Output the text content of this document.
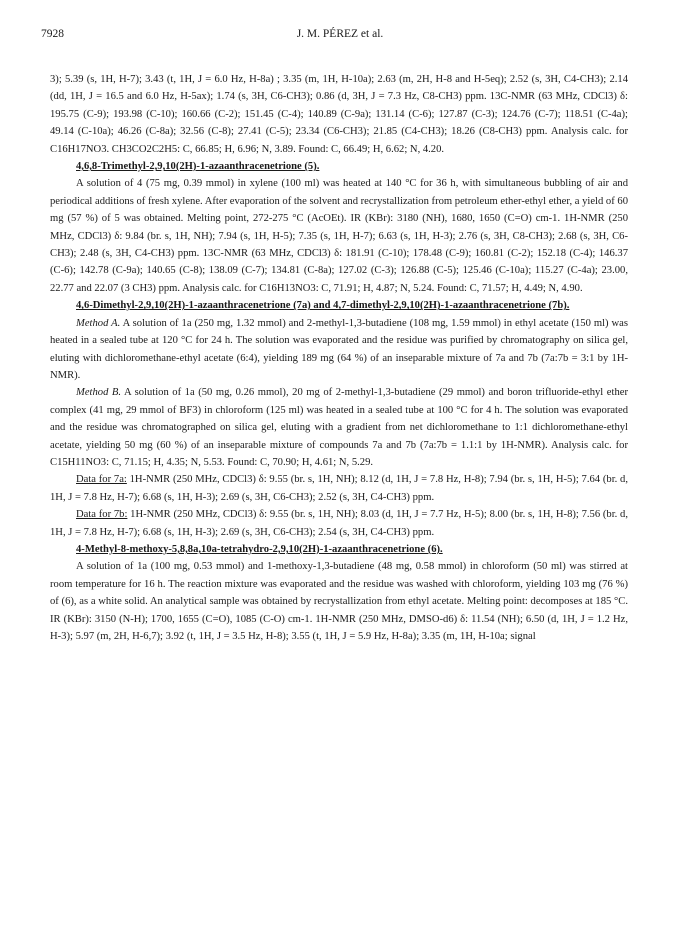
7928	J. M. PÉREZ et al.

3); 5.39 (s, 1H, H-7); 3.43 (t, 1H, J = 6.0 Hz, H-8a) ; 3.35 (m, 1H, H-10a); 2.63 (m, 2H, H-8 and H-5eq); 2.52 (s, 3H, C4-CH3); 2.14 (dd, 1H, J = 16.5 and 6.0 Hz, H-5ax); 1.74 (s, 3H, C6-CH3); 0.86 (d, 3H, J = 7.3 Hz, C8-CH3) ppm. 13C-NMR (63 MHz, CDCl3) δ: 195.75 (C-9); 193.98 (C-10); 160.66 (C-2); 151.45 (C-4); 140.89 (C-9a); 131.14 (C-6); 127.87 (C-3); 124.76 (C-7); 118.51 (C-4a); 49.14 (C-10a); 46.26 (C-8a); 32.56 (C-8); 27.41 (C-5); 23.34 (C6-CH3); 21.85 (C4-CH3); 18.26 (C8-CH3) ppm. Analysis calc. for C16H17NO3. CH3CO2C2H5: C, 66.85; H, 6.96; N, 3.89. Found: C, 66.49; H, 6.62; N, 4.20.

4,6,8-Trimethyl-2,9,10(2H)-1-azaanthracenetrione (5).

A solution of 4 (75 mg, 0.39 mmol) in xylene (100 ml) was heated at 140 °C for 36 h, with simultaneous bubbling of air and periodical additions of fresh xylene. After evaporation of the solvent and recrystallization from petroleum ether-ethyl ether, a yield of 60 mg (57 %) of 5 was obtained. Melting point, 272-275 °C (AcOEt). IR (KBr): 3180 (NH), 1680, 1650 (C=O) cm-1. 1H-NMR (250 MHz, CDCl3) δ: 9.84 (br. s, 1H, NH); 7.94 (s, 1H, H-5); 7.35 (s, 1H, H-7); 6.63 (s, 1H, H-3); 2.76 (s, 3H, C8-CH3); 2.68 (s, 3H, C6-CH3); 2.48 (s, 3H, C4-CH3) ppm. 13C-NMR (63 MHz, CDCl3) δ: 181.91 (C-10); 178.48 (C-9); 160.81 (C-2); 152.18 (C-4); 146.37 (C-6); 142.78 (C-9a); 140.65 (C-8); 138.09 (C-7); 134.81 (C-8a); 127.02 (C-3); 126.88 (C-5); 125.46 (C-10a); 115.27 (C-4a); 23.00, 22.77 and 22.07 (3 CH3) ppm. Analysis calc. for C16H13NO3: C, 71.91; H, 4.87; N, 5.24. Found: C, 71.57; H, 4.49; N, 4.90.

4,6-Dimethyl-2,9,10(2H)-1-azaanthracenetrione (7a) and 4,7-dimethyl-2,9,10(2H)-1-azaanthracenetrione (7b).

Method A. A solution of 1a (250 mg, 1.32 mmol) and 2-methyl-1,3-butadiene (108 mg, 1.59 mmol) in ethyl acetate (150 ml) was heated in a sealed tube at 120 °C for 24 h. The solution was evaporated and the residue was purified by chromatography on silica gel, eluting with dichloromethane-ethyl acetate (6:4), yielding 189 mg (64 %) of an inseparable mixture of 7a and 7b (7a:7b = 3:1 by 1H-NMR).

Method B. A solution of 1a (50 mg, 0.26 mmol), 20 mg of 2-methyl-1,3-butadiene (29 mmol) and boron trifluoride-ethyl ether complex (41 mg, 29 mmol of BF3) in chloroform (125 ml) was heated in a sealed tube at 100 °C for 4 h. The solution was evaporated and the residue was chromatographed on silica gel, eluting with a gradient from net dichloromethane to 1:1 dichloromethane-ethyl acetate, yielding 50 mg (60 %) of an inseparable mixture of compounds 7a and 7b (7a:7b = 1.1:1 by 1H-NMR). Analysis calc. for C15H11NO3: C, 71.15; H, 4.35; N, 5.53. Found: C, 70.90; H, 4.61; N, 5.29.

Data for 7a: 1H-NMR (250 MHz, CDCl3) δ: 9.55 (br. s, 1H, NH); 8.12 (d, 1H, J = 7.8 Hz, H-8); 7.94 (br. s, 1H, H-5); 7.64 (br. d, 1H, J = 7.8 Hz, H-7); 6.68 (s, 1H, H-3); 2.69 (s, 3H, C6-CH3); 2.52 (s, 3H, C4-CH3) ppm.

Data for 7b: 1H-NMR (250 MHz, CDCl3) δ: 9.55 (br. s, 1H, NH); 8.03 (d, 1H, J = 7.7 Hz, H-5); 8.00 (br. s, 1H, H-8); 7.56 (br. d, 1H, J = 7.8 Hz, H-7); 6.68 (s, 1H, H-3); 2.69 (s, 3H, C6-CH3); 2.54 (s, 3H, C4-CH3) ppm.

4-Methyl-8-methoxy-5,8,8a,10a-tetrahydro-2,9,10(2H)-1-azaanthracenetrione (6).

A solution of 1a (100 mg, 0.53 mmol) and 1-methoxy-1,3-butadiene (48 mg, 0.58 mmol) in chloroform (50 ml) was stirred at room temperature for 16 h. The reaction mixture was evaporated and the residue was washed with chloroform, yielding 103 mg (76 %) of (6), as a white solid. An analytical sample was obtained by recrystallization from ethyl acetate. Melting point: decomposes at 185 °C. IR (KBr): 3150 (N-H); 1700, 1655 (C=O), 1085 (C-O) cm-1. 1H-NMR (250 MHz, DMSO-d6) δ: 11.54 (NH); 6.50 (d, 1H, J = 1.2 Hz, H-3); 5.97 (m, 2H, H-6,7); 3.92 (t, 1H, J = 3.5 Hz, H-8); 3.55 (t, 1H, J = 5.9 Hz, H-8a); 3.35 (m, 1H, H-10a; signal
